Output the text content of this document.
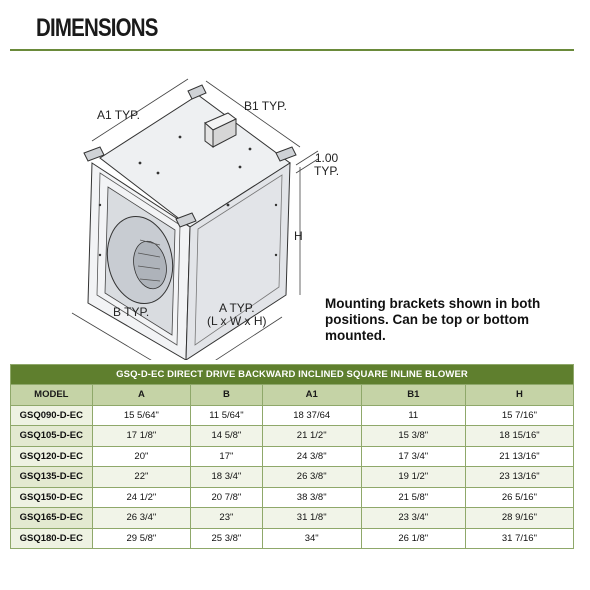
DIMENSIONS
A1 TYP.
B1 TYP.
1.00
TYP.
H
B TYP.	A TYP.
(L x W x H)
Mounting brackets shown in both positions. Can be top or bottom mounted.
GSQ-D-EC DIRECT DRIVE BACKWARD INCLINED SQUARE INLINE BLOWER					
MODEL	A	B	A1	B1	H
GSQ090-D-EC	15 5/64"	11 5/64"	18 37/64	11	15 7/16"
GSQ105-D-EC	17 1/8"	14 5/8"	21 1/2"	15 3/8"	18 15/16"
GSQ120-D-EC	20"	17"	24 3/8"	17 3/4"	21 13/16"
GSQ135-D-EC	22"	18 3/4"	26 3/8"	19 1/2"	23 13/16"
GSQ150-D-EC	24 1/2"	20 7/8"	38 3/8"	21 5/8"	26 5/16"
GSQ165-D-EC	26 3/4"	23"	31 1/8"	23 3/4"	28 9/16"
GSQ180-D-EC	29 5/8"	25 3/8"	34"	26 1/8"	31 7/16"
